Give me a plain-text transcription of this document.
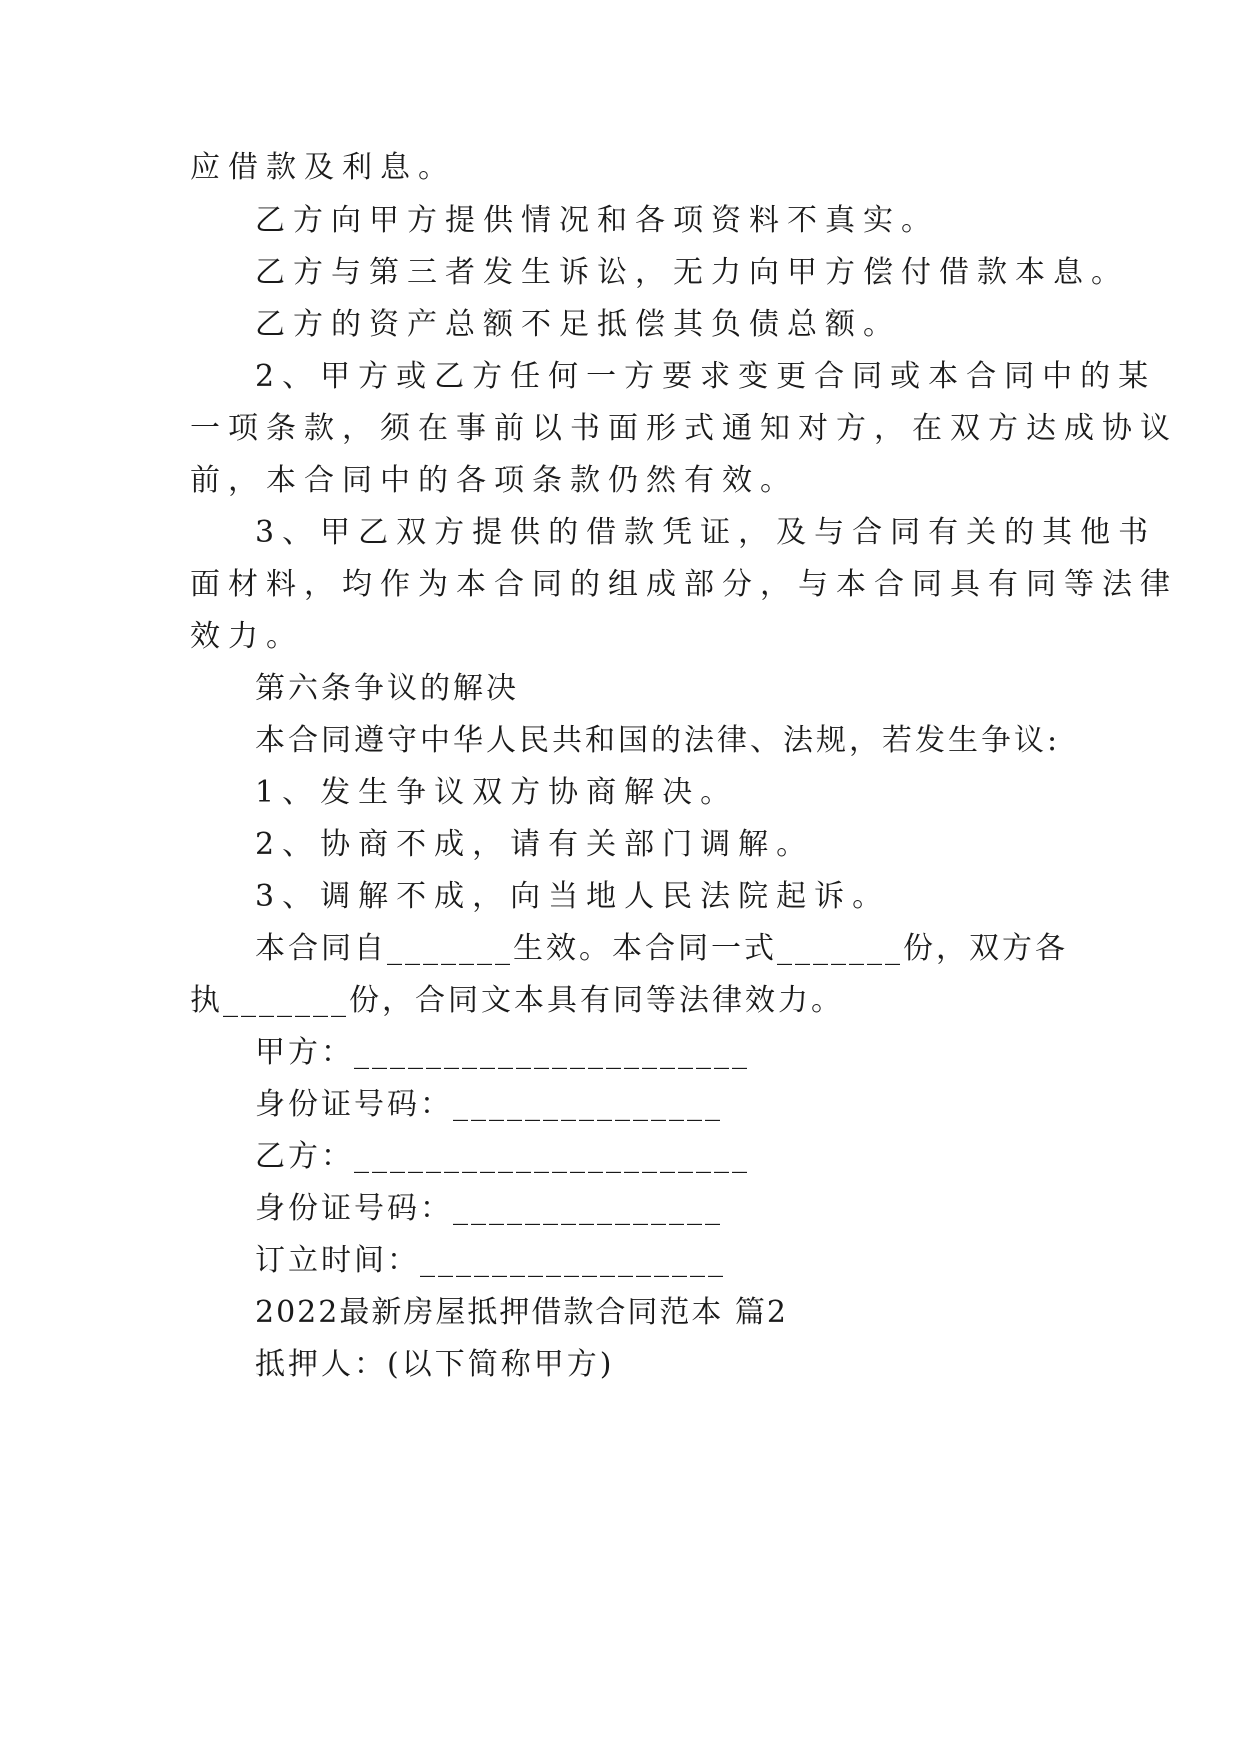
应借款及利息。
乙方向甲方提供情况和各项资料不真实。
乙方与第三者发生诉讼，无力向甲方偿付借款本息。
乙方的资产总额不足抵偿其负债总额。
2、甲方或乙方任何一方要求变更合同或本合同中的某
一项条款，须在事前以书面形式通知对方，在双方达成协议
前，本合同中的各项条款仍然有效。
3、甲乙双方提供的借款凭证，及与合同有关的其他书
面材料，均作为本合同的组成部分，与本合同具有同等法律
效力。
第六条争议的解决
本合同遵守中华人民共和国的法律、法规，若发生争议:
1、发生争议双方协商解决。
2、协商不成，请有关部门调解。
3、调解不成，向当地人民法院起诉。
本合同自_______生效。本合同一式_______份，双方各
执_______份，合同文本具有同等法律效力。
甲方：______________________
身份证号码：_______________
乙方：______________________
身份证号码：_______________
订立时间：_________________
2022最新房屋抵押借款合同范本 篇2
抵押人：(以下简称甲方)
